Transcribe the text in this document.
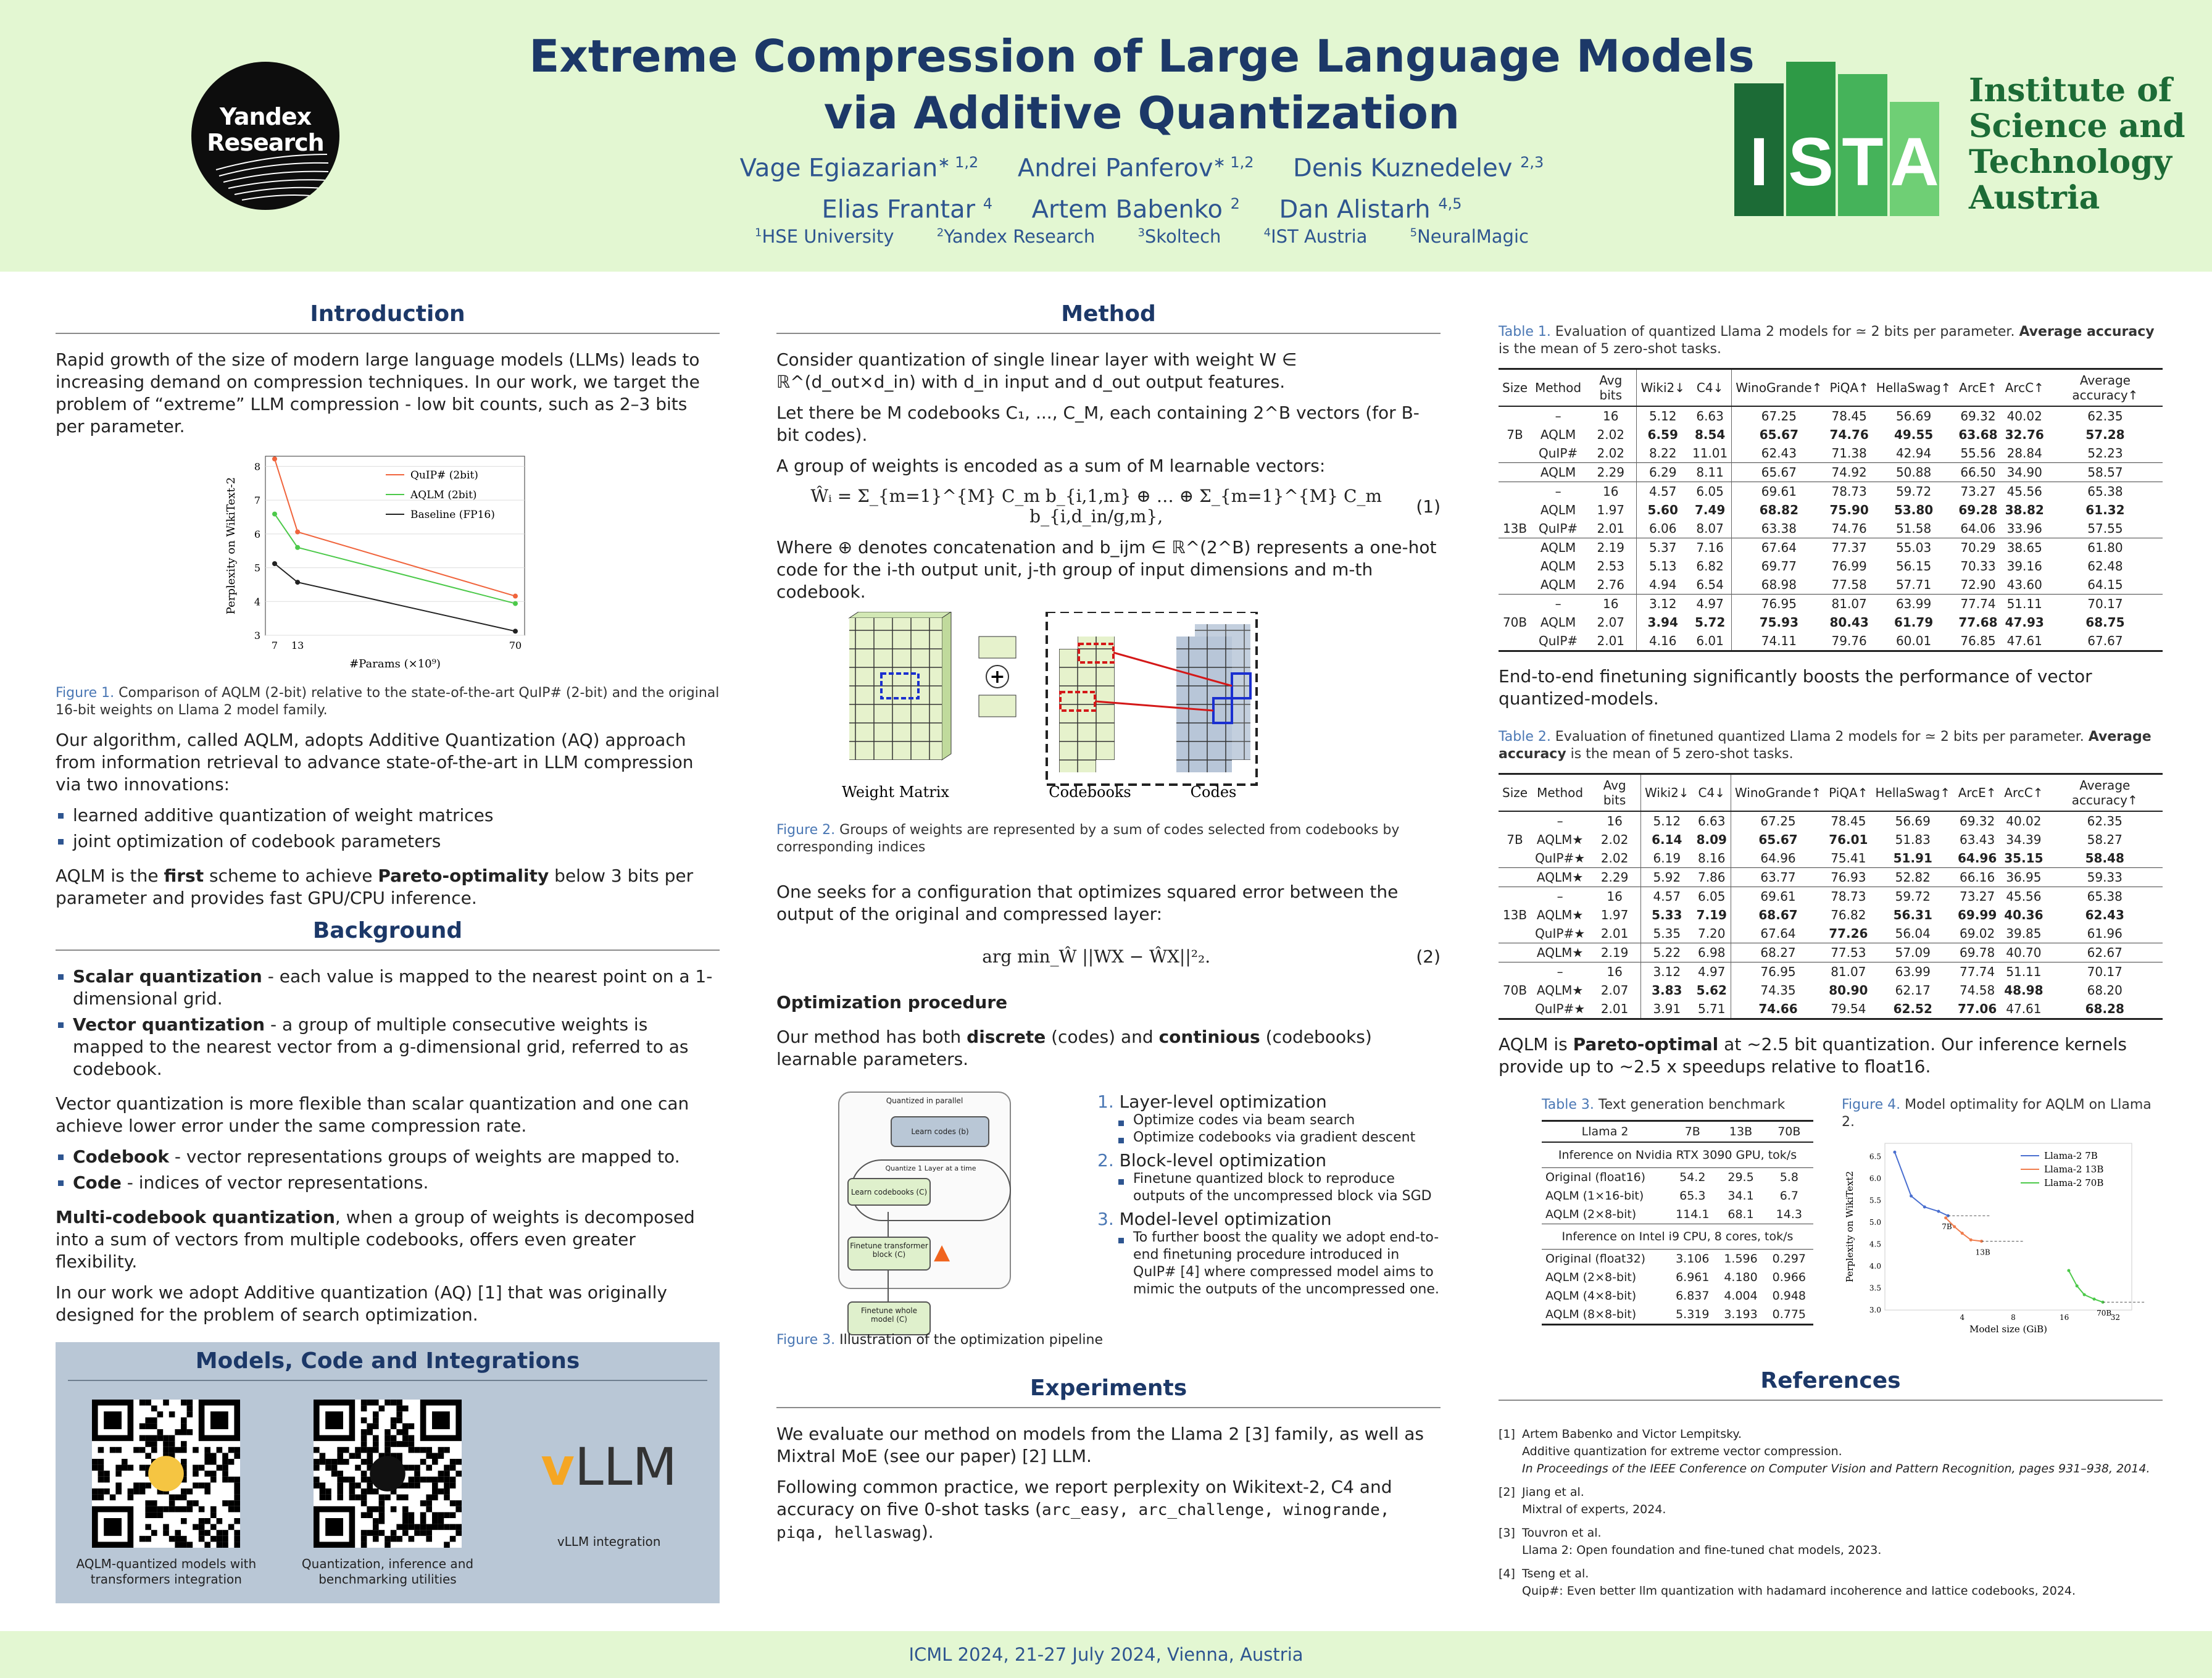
Yandex Research
Extreme Compression of Large Language Models
via Additive Quantization
Vage Egiazarian$^{∗ 1,2}$ Andrei Panferov$^{∗ 1,2}$ Denis Kuznedelev $^{2,3}$
Elias Frantar $^4$ Artem Babenko $^2$ Dan Alistarh $^{4,5}$
$^1$HSE University	$^2$Yandex Research	$^3$Skoltech	$^4$IST Austria	$^5$NeuralMagic
I S T A
Institute of
Science and
Technology
Austria
Introduction

Rapid growth of the size of modern large language models (LLMs) leads to increasing demand on compression techniques. In our work, we target the problem of “extreme” LLM compression - low bit counts, such as 2–3 bits per parameter.

3
4
5
6
7
8
7 13	70
QuIP# (2bit)
AQLM (2bit)
Baseline (FP16)
#Params (×10⁹)
Perplexity on WikiText-2
Figure 1. Comparison of AQLM (2-bit) relative to the state-of-the-art QuIP# (2-bit) and the original 16-bit weights on Llama 2 model family.

Our algorithm, called AQLM, adopts Additive Quantization (AQ) approach from information retrieval to advance state-of-the-art in LLM compression via two innovations:

learned additive quantization of weight matrices
joint optimization of codebook parameters

AQLM is the first scheme to achieve Pareto-optimality below 3 bits per parameter and provides fast GPU/CPU inference.

Background
Scalar quantization - each value is mapped to the nearest point on a 1-dimensional grid.
Vector quantization - a group of multiple consecutive weights is mapped to the nearest vector from a g-dimensional grid, referred to as codebook.

Vector quantization is more flexible than scalar quantization and one can achieve lower error under the same compression rate.

Codebook - vector representations groups of weights are mapped to.
Code - indices of vector representations.

Multi-codebook quantization, when a group of weights is decomposed into a sum of vectors from multiple codebooks, offers even greater flexibility.

In our work we adopt Additive quantization (AQ) [1] that was originally designed for the problem of search optimization.

Models, Code and Integrations
AQLM-quantized models with transformers integration
Quantization, inference and benchmarking utilities
vLLM
vLLM integration
Method

Consider quantization of single linear layer with weight W ∈ ℝ^(d_out×d_in) with d_in input and d_out output features.

Let there be M codebooks C₁, ..., C_M, each containing 2^B vectors (for B-bit codes).

A group of weights is encoded as a sum of M learnable vectors:

Ŵᵢ = Σ_{m=1}^{M} C_m b_{i,1,m} ⊕ … ⊕ Σ_{m=1}^{M} C_m b_{i,d_in/g,m},	(1)

Where ⊕ denotes concatenation and b_ijm ∈ ℝ^(2^B) represents a one-hot code for the i-th output unit, j-th group of input dimensions and m-th codebook.

+
Weight Matrix	Codebooks	Codes
Figure 2. Groups of weights are represented by a sum of codes selected from codebooks by corresponding indices

One seeks for a configuration that optimizes squared error between the output of the original and compressed layer:

arg min_Ŵ ||WX − ŴX||²₂.	(2)

Optimization procedure

Our method has both discrete (codes) and continious (codebooks) learnable parameters.

Quantized in parallel
Learn codes (b)
Quantize 1 Layer at a time
Learn codebooks (C)
Finetune transformer block (C)	▲
Finetune whole model (C)
Figure 3. Illustration of the optimization pipeline
1. Layer-level optimization
Optimize codes via beam search
Optimize codebooks via gradient descent
2. Block-level optimization
Finetune quantized block to reproduce outputs of the uncompressed block via SGD
3. Model-level optimization
To further boost the quality we adopt end-to-end finetuning procedure introduced in QuIP# [4] where compressed model aims to mimic the outputs of the uncompressed one.
Experiments

We evaluate our method on models from the Llama 2 [3] family, as well as Mixtral MoE (see our paper) [2] LLM.

Following common practice, we report perplexity on Wikitext-2, C4 and accuracy on five 0-shot tasks (arc_easy, arc_challenge, winogrande, piqa, hellaswag).

Table 1. Evaluation of quantized Llama 2 models for ≃ 2 bits per parameter. Average accuracy is the mean of 5 zero-shot tasks.
Size	Method	Avg bits	Wiki2↓	C4↓	WinoGrande↑	PiQA↑	HellaSwag↑	ArcE↑	ArcC↑	Average accuracy↑
	–	16	5.12	6.63	67.25	78.45	56.69	69.32	40.02	62.35
7B	AQLM	2.02	6.59	8.54	65.67	74.76	49.55	63.68	32.76	57.28
	QuIP#	2.02	8.22	11.01	62.43	71.38	42.94	55.56	28.84	52.23
	AQLM	2.29	6.29	8.11	65.67	74.92	50.88	66.50	34.90	58.57
	–	16	4.57	6.05	69.61	78.73	59.72	73.27	45.56	65.38
	AQLM	1.97	5.60	7.49	68.82	75.90	53.80	69.28	38.82	61.32
13B	QuIP#	2.01	6.06	8.07	63.38	74.76	51.58	64.06	33.96	57.55
	AQLM	2.19	5.37	7.16	67.64	77.37	55.03	70.29	38.65	61.80
	AQLM	2.53	5.13	6.82	69.77	76.99	56.15	70.33	39.16	62.48
	AQLM	2.76	4.94	6.54	68.98	77.58	57.71	72.90	43.60	64.15
	–	16	3.12	4.97	76.95	81.07	63.99	77.74	51.11	70.17
70B	AQLM	2.07	3.94	5.72	75.93	80.43	61.79	77.68	47.93	68.75
	QuIP#	2.01	4.16	6.01	74.11	79.76	60.01	76.85	47.61	67.67

End-to-end finetuning significantly boosts the performance of vector quantized-models.

Table 2. Evaluation of finetuned quantized Llama 2 models for ≃ 2 bits per parameter. Average accuracy is the mean of 5 zero-shot tasks.
Size	Method	Avg bits	Wiki2↓	C4↓	WinoGrande↑	PiQA↑	HellaSwag↑	ArcE↑	ArcC↑	Average accuracy↑
	–	16	5.12	6.63	67.25	78.45	56.69	69.32	40.02	62.35
7B	AQLM★	2.02	6.14	8.09	65.67	76.01	51.83	63.43	34.39	58.27
	QuIP#★	2.02	6.19	8.16	64.96	75.41	51.91	64.96	35.15	58.48
	AQLM★	2.29	5.92	7.86	63.77	76.93	52.82	66.16	36.95	59.33
	–	16	4.57	6.05	69.61	78.73	59.72	73.27	45.56	65.38
13B	AQLM★	1.97	5.33	7.19	68.67	76.82	56.31	69.99	40.36	62.43
	QuIP#★	2.01	5.35	7.20	67.64	77.26	56.04	69.02	39.85	61.96
	AQLM★	2.19	5.22	6.98	68.27	77.53	57.09	69.78	40.70	62.67
	–	16	3.12	4.97	76.95	81.07	63.99	77.74	51.11	70.17
70B	AQLM★	2.07	3.83	5.62	74.35	80.90	62.17	74.58	48.98	68.20
	QuIP#★	2.01	3.91	5.71	74.66	79.54	62.52	77.06	47.61	68.28

AQLM is Pareto-optimal at ∼2.5 bit quantization. Our inference kernels provide up to ∼2.5 x speedups relative to float16.

Table 3. Text generation benchmark
Llama 2	7B	13B	70B
Inference on Nvidia RTX 3090 GPU, tok/s			
Original (float16)	54.2	29.5	5.8
AQLM (1×16-bit)	65.3	34.1	6.7
AQLM (2×8-bit)	114.1	68.1	14.3
Inference on Intel i9 CPU, 8 cores, tok/s			
Original (float32)	3.106	1.596	0.297
AQLM (2×8-bit)	6.961	4.180	0.966
AQLM (4×8-bit)	6.837	4.004	0.948
AQLM (8×8-bit)	5.319	3.193	0.775
Figure 4. Model optimality for AQLM on Llama 2.
3.0
3.5
4.0
4.5
5.0
5.5
6.0
6.5
4	8	16	32
7B
13B
70B
Llama-2 7B
Llama-2 13B
Llama-2 70B
Model size (GiB)
Perplexity on WikiText2
References
[1] Artem Babenko and Victor Lempitsky.
Additive quantization for extreme vector compression.
In Proceedings of the IEEE Conference on Computer Vision and Pattern Recognition, pages 931–938, 2014.
[2] Jiang et al.
Mixtral of experts, 2024.
[3] Touvron et al.
Llama 2: Open foundation and fine-tuned chat models, 2023.
[4] Tseng et al.
Quip#: Even better llm quantization with hadamard incoherence and lattice codebooks, 2024.
ICML 2024, 21-27 July 2024, Vienna, Austria
